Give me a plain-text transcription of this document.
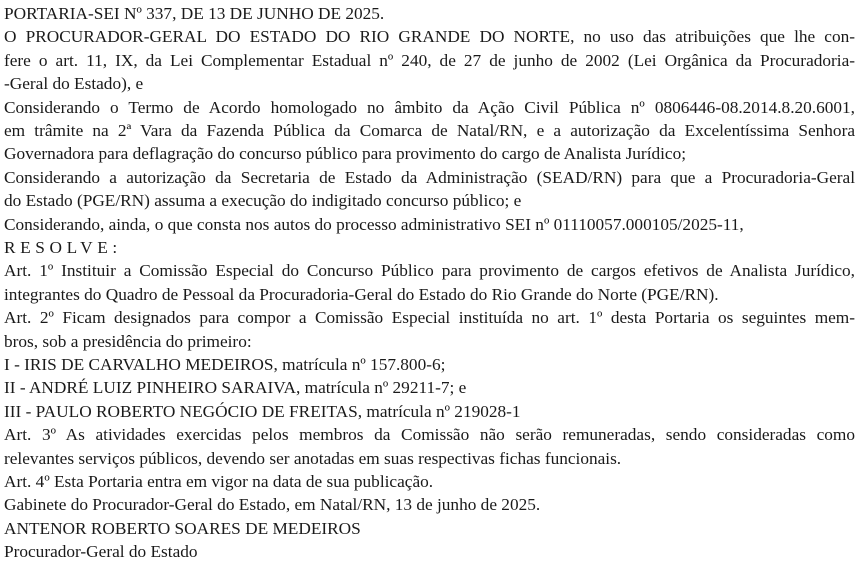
PORTARIA-SEI Nº 337, DE 13 DE JUNHO DE 2025.
O PROCURADOR-GERAL DO ESTADO DO RIO GRANDE DO NORTE, no uso das atribuições que lhe con-
fere o art. 11, IX, da Lei Complementar Estadual nº 240, de 27 de junho de 2002 (Lei Orgânica da Procuradoria-
-Geral do Estado), e
Considerando o Termo de Acordo homologado no âmbito da Ação Civil Pública nº 0806446-08.2014.8.20.6001,
em trâmite na 2ª Vara da Fazenda Pública da Comarca de Natal/RN, e a autorização da Excelentíssima Senhora
Governadora para deflagração do concurso público para provimento do cargo de Analista Jurídico;
Considerando a autorização da Secretaria de Estado da Administração (SEAD/RN) para que a Procuradoria-Geral
do Estado (PGE/RN) assuma a execução do indigitado concurso público; e
Considerando, ainda, o que consta nos autos do processo administrativo SEI nº 01110057.000105/2025-11,
RESOLVE:
Art. 1º Instituir a Comissão Especial do Concurso Público para provimento de cargos efetivos de Analista Jurídico,
integrantes do Quadro de Pessoal da Procuradoria-Geral do Estado do Rio Grande do Norte (PGE/RN).
Art. 2º Ficam designados para compor a Comissão Especial instituída no art. 1º desta Portaria os seguintes mem-
bros, sob a presidência do primeiro:
I - IRIS DE CARVALHO MEDEIROS, matrícula nº 157.800-6;
II - ANDRÉ LUIZ PINHEIRO SARAIVA, matrícula nº 29211-7; e
III - PAULO ROBERTO NEGÓCIO DE FREITAS, matrícula nº 219028-1
Art. 3º As atividades exercidas pelos membros da Comissão não serão remuneradas, sendo consideradas como
relevantes serviços públicos, devendo ser anotadas em suas respectivas fichas funcionais.
Art. 4º Esta Portaria entra em vigor na data de sua publicação.
Gabinete do Procurador-Geral do Estado, em Natal/RN, 13 de junho de 2025.
ANTENOR ROBERTO SOARES DE MEDEIROS
Procurador-Geral do Estado
